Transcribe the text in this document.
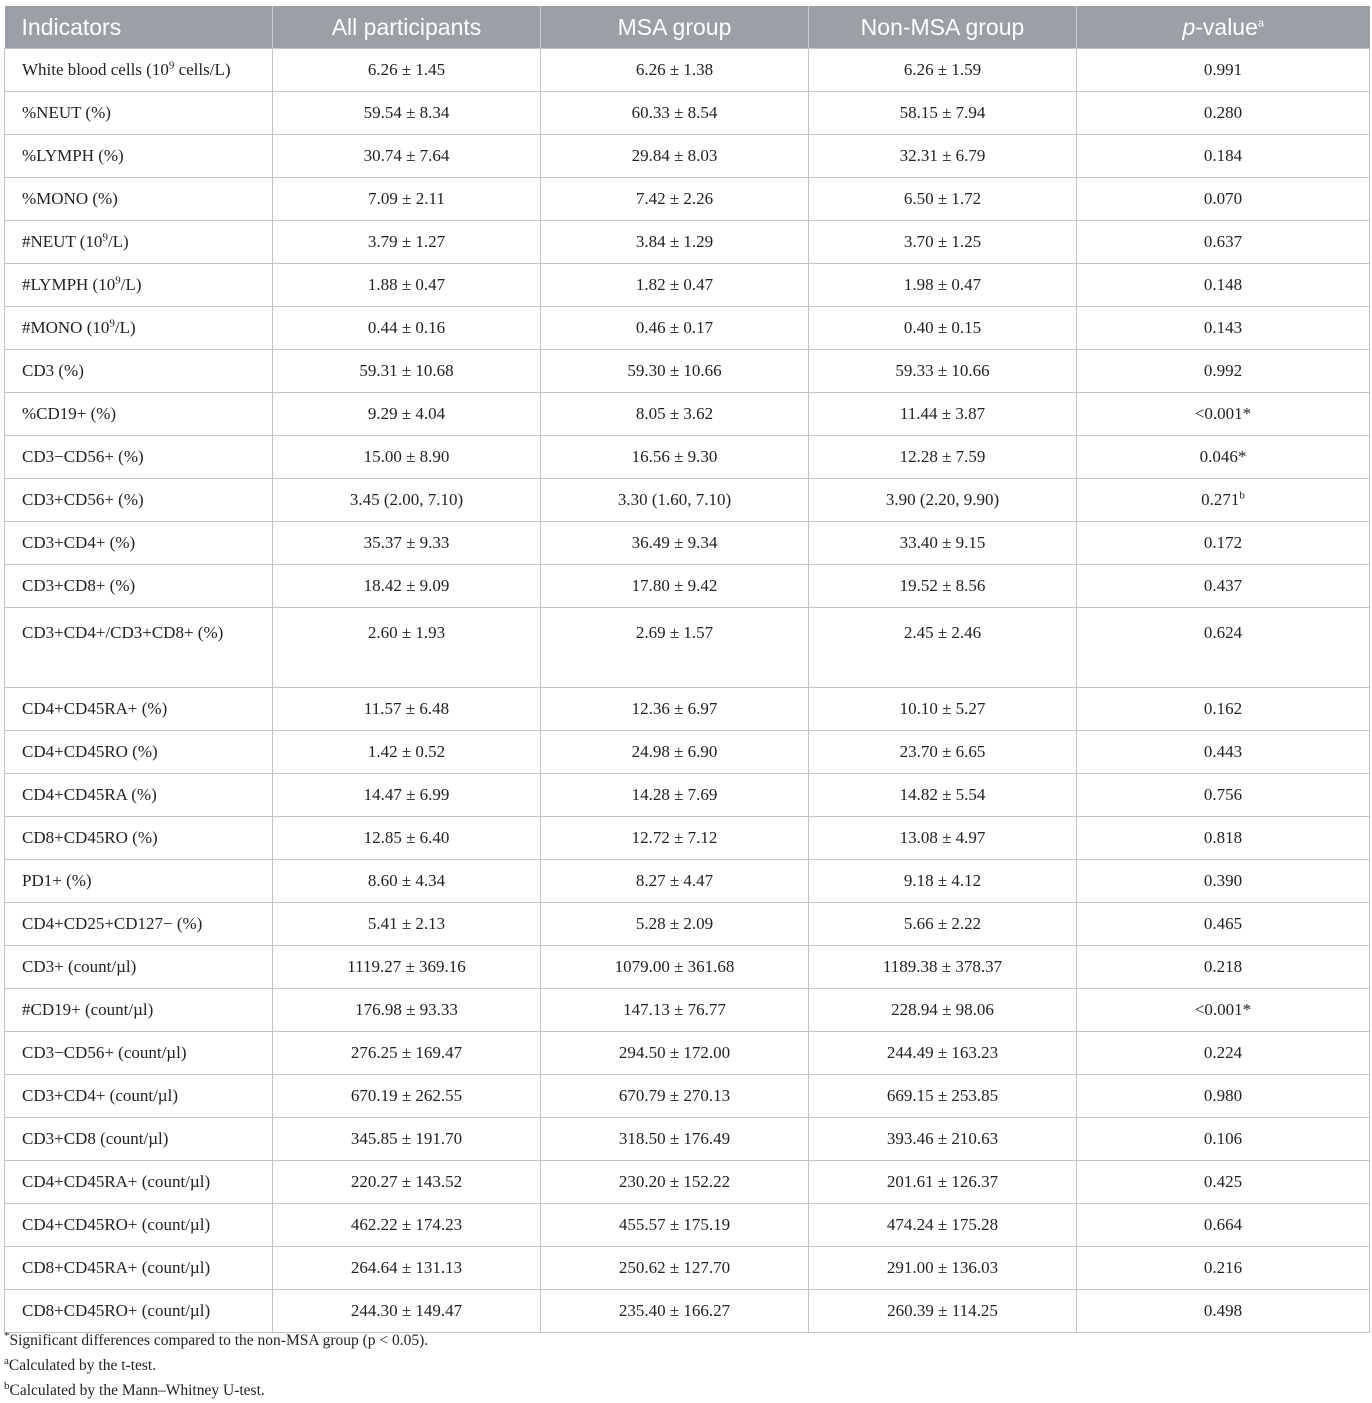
Indicators	All participants	MSA group	Non-MSA group	p-value$^a$
White blood cells ($10^9$ cells/L)	6.26 ± 1.45	6.26 ± 1.38	6.26 ± 1.59	0.991
%NEUT (%)	59.54 ± 8.34	60.33 ± 8.54	58.15 ± 7.94	0.280
%LYMPH (%)	30.74 ± 7.64	29.84 ± 8.03	32.31 ± 6.79	0.184
%MONO (%)	7.09 ± 2.11	7.42 ± 2.26	6.50 ± 1.72	0.070
#NEUT $(10^9/L)$	3.79 ± 1.27	3.84 ± 1.29	3.70 ± 1.25	0.637
#LYMPH $(10^9/L)$	1.88 ± 0.47	1.82 ± 0.47	1.98 ± 0.47	0.148
#MONO $(10^9/L)$	0.44 ± 0.16	0.46 ± 0.17	0.40 ± 0.15	0.143
CD3 (%)	59.31 ± 10.68	59.30 ± 10.66	59.33 ± 10.66	0.992
%CD19+ (%)	9.29 ± 4.04	8.05 ± 3.62	11.44 ± 3.87	<0.001*
CD3−CD56+ (%)	15.00 ± 8.90	16.56 ± 9.30	12.28 ± 7.59	0.046*
CD3+CD56+ (%)	3.45 (2.00, 7.10)	3.30 (1.60, 7.10)	3.90 (2.20, 9.90)	0.271$^b$
CD3+CD4+ (%)	35.37 ± 9.33	36.49 ± 9.34	33.40 ± 9.15	0.172
CD3+CD8+ (%)	18.42 ± 9.09	17.80 ± 9.42	19.52 ± 8.56	0.437
CD3+CD4+/CD3+CD8+ (%)	2.60 ± 1.93	2.69 ± 1.57	2.45 ± 2.46	0.624
CD4+CD45RA+ (%)	11.57 ± 6.48	12.36 ± 6.97	10.10 ± 5.27	0.162
CD4+CD45RO (%)	1.42 ± 0.52	24.98 ± 6.90	23.70 ± 6.65	0.443
CD4+CD45RA (%)	14.47 ± 6.99	14.28 ± 7.69	14.82 ± 5.54	0.756
CD8+CD45RO (%)	12.85 ± 6.40	12.72 ± 7.12	13.08 ± 4.97	0.818
PD1+ (%)	8.60 ± 4.34	8.27 ± 4.47	9.18 ± 4.12	0.390
CD4+CD25+CD127− (%)	5.41 ± 2.13	5.28 ± 2.09	5.66 ± 2.22	0.465
CD3+ (count/µl)	1119.27 ± 369.16	1079.00 ± 361.68	1189.38 ± 378.37	0.218
#CD19+ (count/µl)	176.98 ± 93.33	147.13 ± 76.77	228.94 ± 98.06	<0.001*
CD3−CD56+ (count/µl)	276.25 ± 169.47	294.50 ± 172.00	244.49 ± 163.23	0.224
CD3+CD4+ (count/µl)	670.19 ± 262.55	670.79 ± 270.13	669.15 ± 253.85	0.980
CD3+CD8 (count/µl)	345.85 ± 191.70	318.50 ± 176.49	393.46 ± 210.63	0.106
CD4+CD45RA+ (count/µl)	220.27 ± 143.52	230.20 ± 152.22	201.61 ± 126.37	0.425
CD4+CD45RO+ (count/µl)	462.22 ± 174.23	455.57 ± 175.19	474.24 ± 175.28	0.664
CD8+CD45RA+ (count/µl)	264.64 ± 131.13	250.62 ± 127.70	291.00 ± 136.03	0.216
CD8+CD45RO+ (count/µl)	244.30 ± 149.47	235.40 ± 166.27	260.39 ± 114.25	0.498
*Significant differences compared to the non-MSA group (p < 0.05).
$^a$Calculated by the t-test.
$^b$Calculated by the Mann–Whitney U-test.
